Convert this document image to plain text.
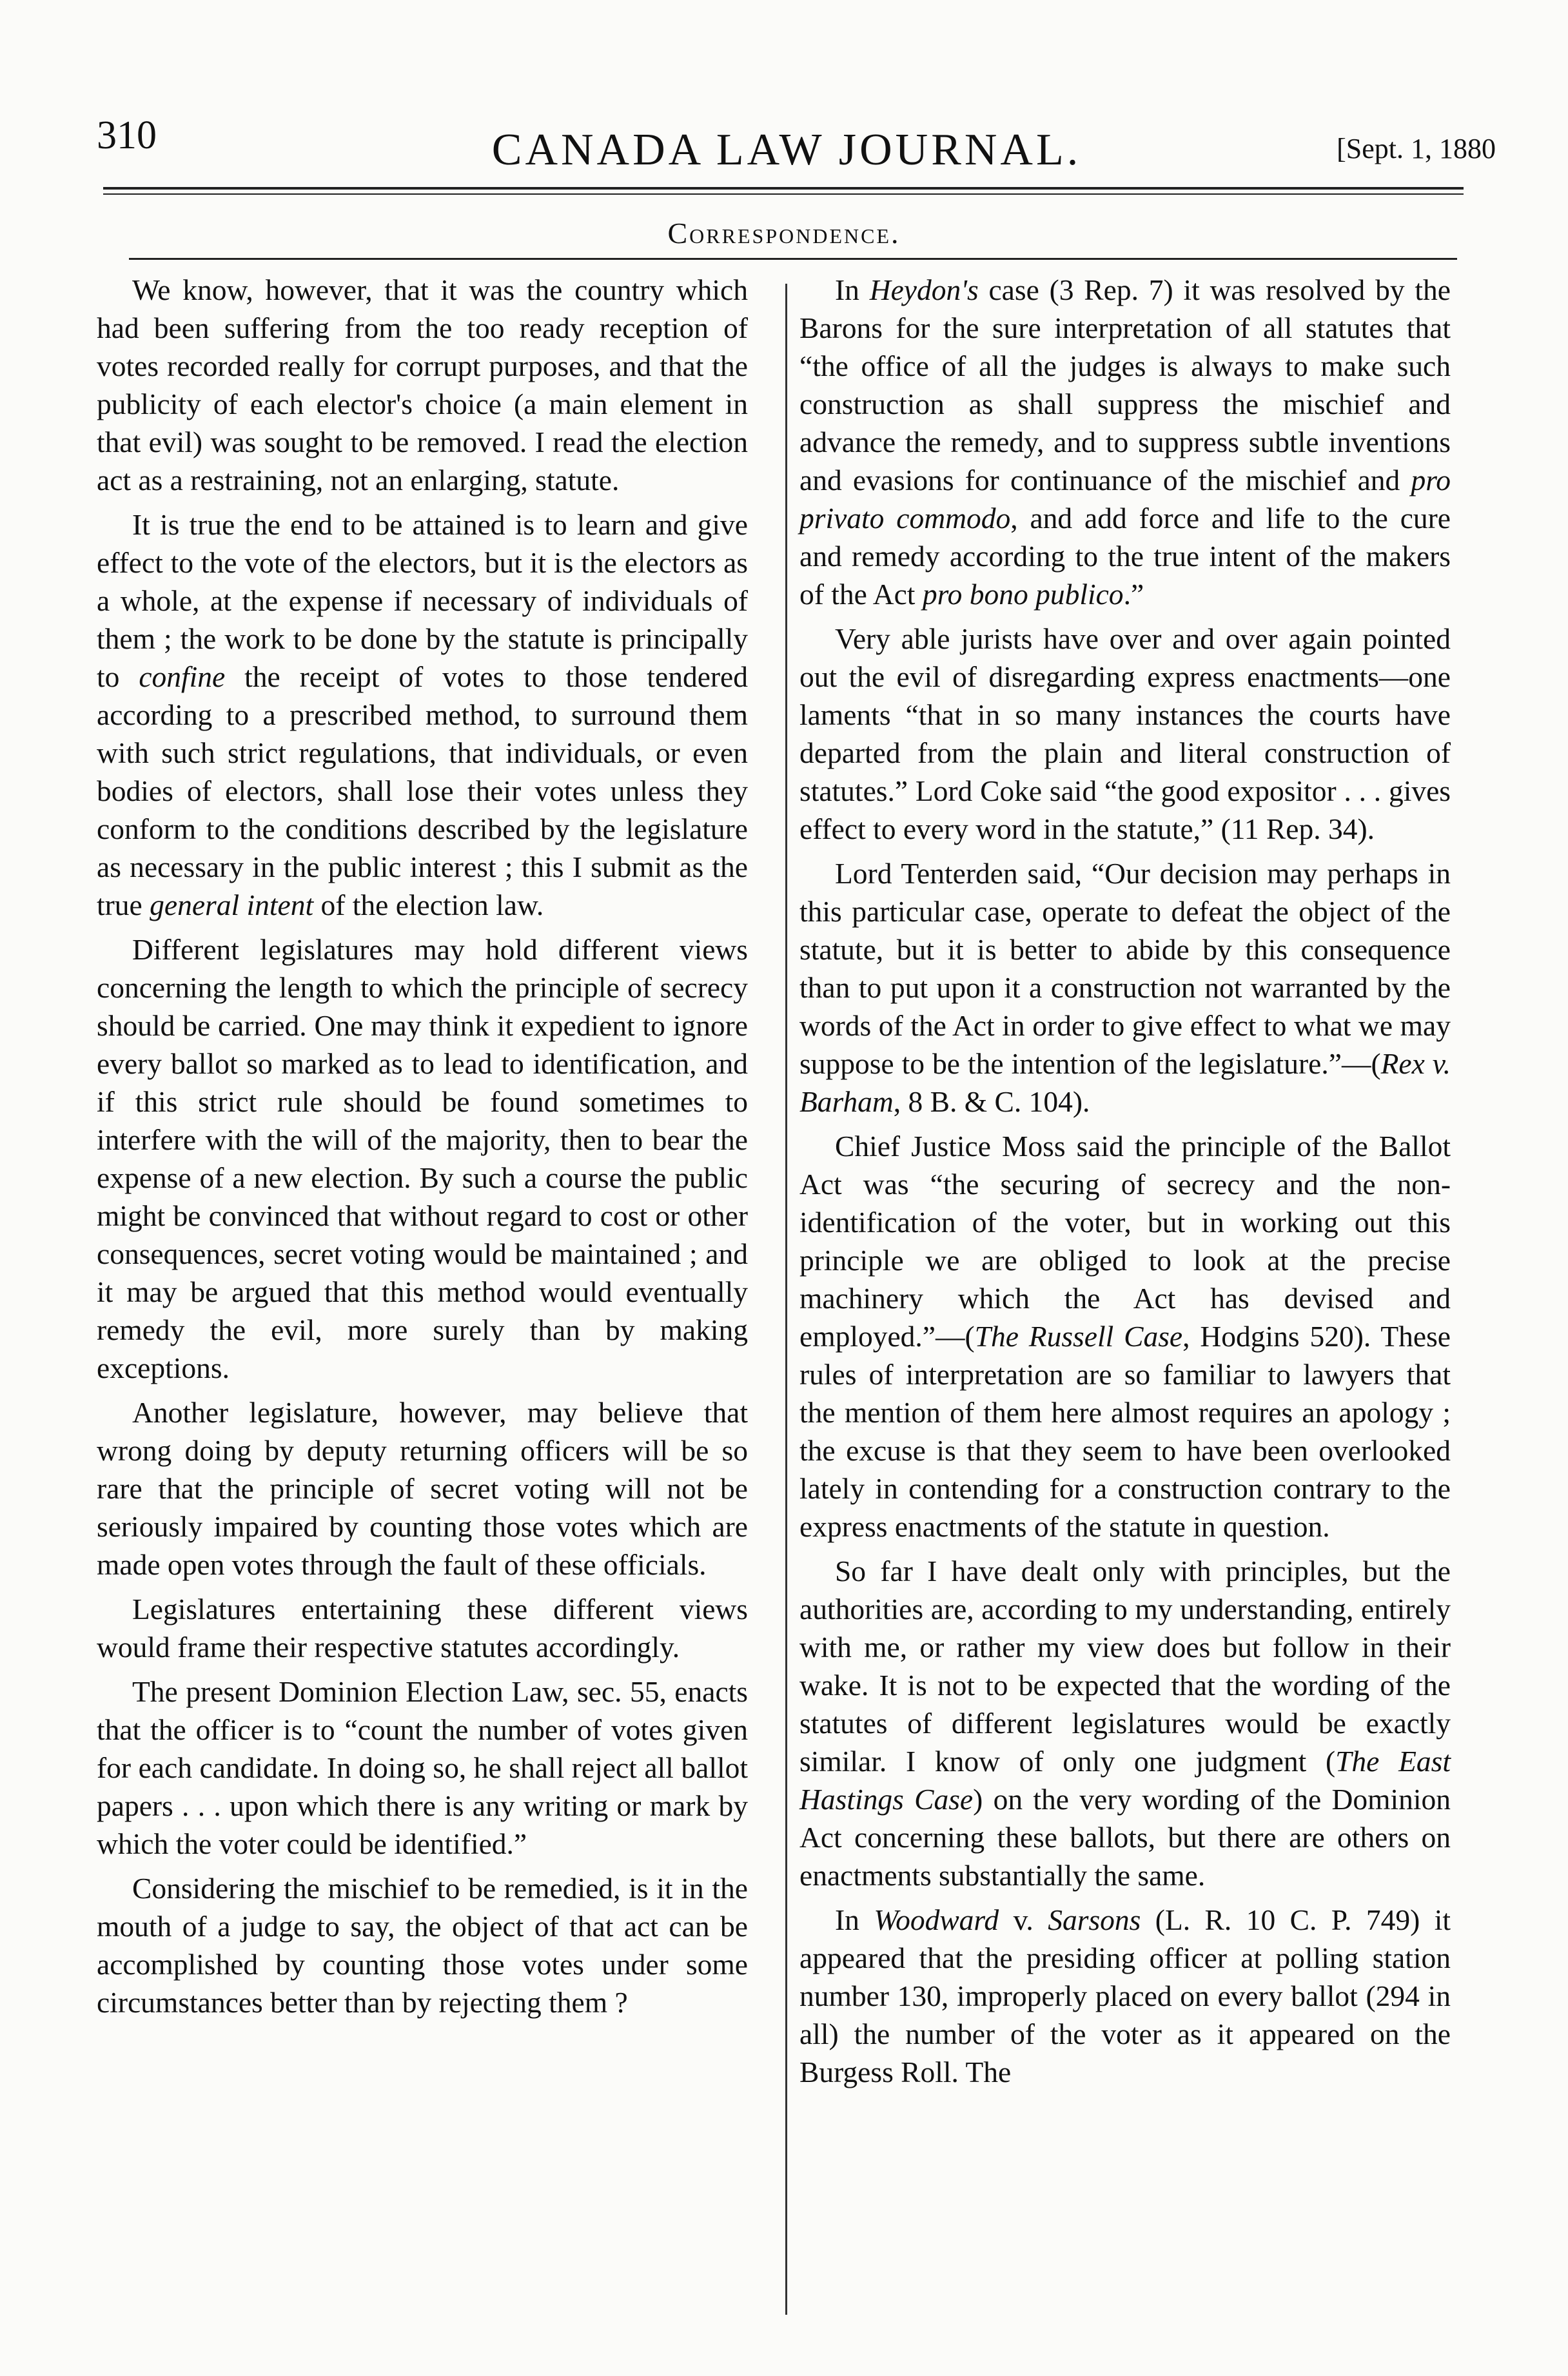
310	CANADA LAW JOURNAL.	[Sept. 1, 1880
Correspondence.

We know, however, that it was the country which had been suffering from the too ready reception of votes recorded really for corrupt purposes, and that the publicity of each elector's choice (a main element in that evil) was sought to be removed. I read the election act as a restraining, not an enlarging, statute.

It is true the end to be attained is to learn and give effect to the vote of the electors, but it is the electors as a whole, at the expense if necessary of individuals of them ; the work to be done by the statute is principally to confine the receipt of votes to those tendered according to a prescribed method, to surround them with such strict regulations, that individuals, or even bodies of electors, shall lose their votes unless they conform to the conditions described by the legislature as necessary in the public interest ; this I submit as the true general intent of the election law.

Different legislatures may hold different views concerning the length to which the principle of secrecy should be carried. One may think it expedient to ignore every ballot so marked as to lead to identification, and if this strict rule should be found sometimes to interfere with the will of the majority, then to bear the expense of a new election. By such a course the public might be convinced that without regard to cost or other consequences, secret voting would be maintained ; and it may be argued that this method would eventually remedy the evil, more surely than by making exceptions.

Another legislature, however, may believe that wrong doing by deputy returning officers will be so rare that the principle of secret voting will not be seriously impaired by counting those votes which are made open votes through the fault of these officials.

Legislatures entertaining these different views would frame their respective statutes accordingly.

The present Dominion Election Law, sec. 55, enacts that the officer is to “count the number of votes given for each candidate. In doing so, he shall reject all ballot papers . . . upon which there is any writing or mark by which the voter could be identified.”

Considering the mischief to be remedied, is it in the mouth of a judge to say, the object of that act can be accomplished by counting those votes under some circumstances better than by rejecting them ?

In Heydon's case (3 Rep. 7) it was resolved by the Barons for the sure interpretation of all statutes that “the office of all the judges is always to make such construction as shall suppress the mischief and advance the remedy, and to suppress subtle inventions and evasions for continuance of the mischief and pro privato commodo, and add force and life to the cure and remedy according to the true intent of the makers of the Act pro bono publico.”

Very able jurists have over and over again pointed out the evil of disregarding express enactments—one laments “that in so many instances the courts have departed from the plain and literal construction of statutes.” Lord Coke said “the good expositor . . . gives effect to every word in the statute,” (11 Rep. 34).

Lord Tenterden said, “Our decision may perhaps in this particular case, operate to defeat the object of the statute, but it is better to abide by this consequence than to put upon it a construction not warranted by the words of the Act in order to give effect to what we may suppose to be the intention of the legislature.”—(Rex v. Barham, 8 B. & C. 104).

Chief Justice Moss said the principle of the Ballot Act was “the securing of secrecy and the non-identification of the voter, but in working out this principle we are obliged to look at the precise machinery which the Act has devised and employed.”—(The Russell Case, Hodgins 520). These rules of interpretation are so familiar to lawyers that the mention of them here almost requires an apology ; the excuse is that they seem to have been overlooked lately in contending for a construction contrary to the express enactments of the statute in question.

So far I have dealt only with principles, but the authorities are, according to my understanding, entirely with me, or rather my view does but follow in their wake. It is not to be expected that the wording of the statutes of different legislatures would be exactly similar. I know of only one judgment (The East Hastings Case) on the very wording of the Dominion Act concerning these ballots, but there are others on enactments substantially the same.

In Woodward v. Sarsons (L. R. 10 C. P. 749) it appeared that the presiding officer at polling station number 130, improperly placed on every ballot (294 in all) the number of the voter as it appeared on the Burgess Roll. The
